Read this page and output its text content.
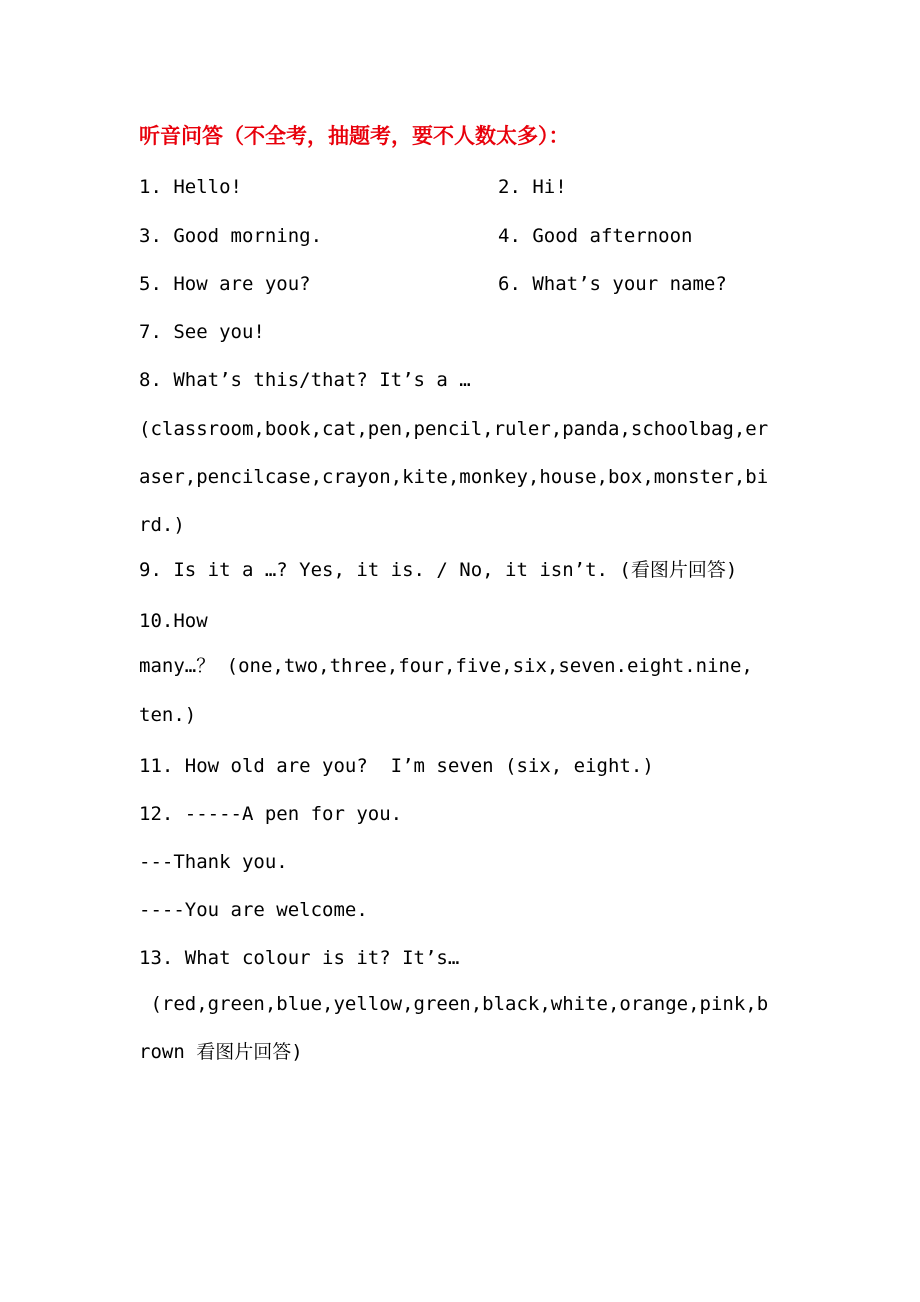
听音问答（不全考，抽题考，要不人数太多）：

1. Hello!	2. Hi!

3. Good morning.	4. Good afternoon

5. How are you?	6. What’s your name?

7. See you!

8. What’s this/that? It’s a …

(classroom,book,cat,pen,pencil,ruler,panda,schoolbag,er

aser,pencilcase,crayon,kite,monkey,house,box,monster,bi

rd.)

9. Is it a …? Yes, it is. / No, it isn’t. (看图片回答)

10.How

many…？ (one,two,three,four,five,six,seven.eight.nine,

ten.)

11. How old are you?  I’m seven (six, eight.)

12. -----A pen for you.

---Thank you.

----You are welcome.

13. What colour is it? It’s…

(red,green,blue,yellow,green,black,white,orange,pink,b

rown 看图片回答)
